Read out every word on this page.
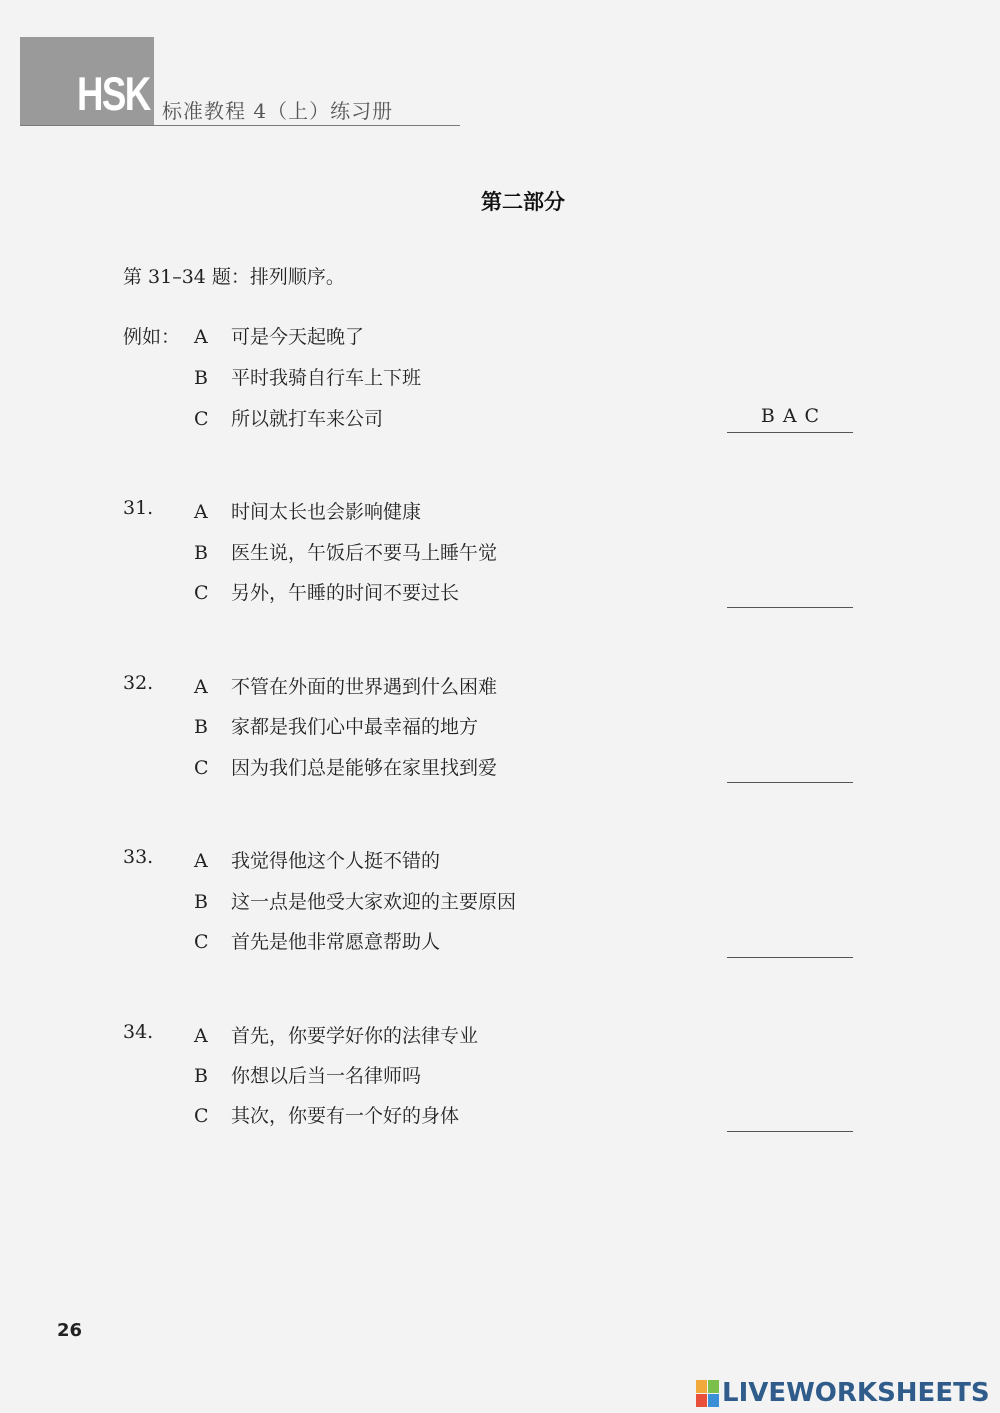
HSK 标准教程 4（上）练习册
第二部分
第 31–34 题：排列顺序。
例如： A 可是今天起晚了
B 平时我骑自行车上下班
C 所以就打车来公司	BAC
31. A 时间太长也会影响健康
B 医生说，午饭后不要马上睡午觉
C 另外，午睡的时间不要过长
32. A 不管在外面的世界遇到什么困难
B 家都是我们心中最幸福的地方
C 因为我们总是能够在家里找到爱
33. A 我觉得他这个人挺不错的
B 这一点是他受大家欢迎的主要原因
C 首先是他非常愿意帮助人
34. A 首先，你要学好你的法律专业
B 你想以后当一名律师吗
C 其次，你要有一个好的身体
26
LIVEWORKSHEETS
